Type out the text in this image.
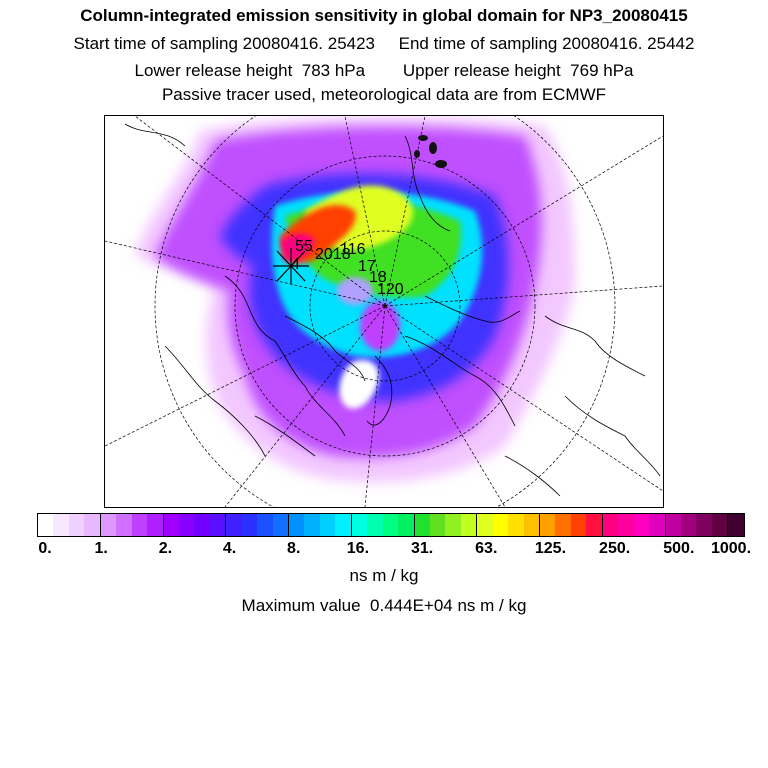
Column-integrated emission sensitivity in global domain for NP3_20080415
Start time of sampling 20080416. 25423     End time of sampling 20080416. 25442
Lower release height  783 hPa        Upper release height  769 hPa
Passive tracer used, meteorological data are from ECMWF
55 2018
116
17
18
120
4
0.	1.	2.	4.	8.	16.	31.	63. 125. 250. 500. 1000.
ns m / kg
Maximum value  0.444E+04 ns m / kg
